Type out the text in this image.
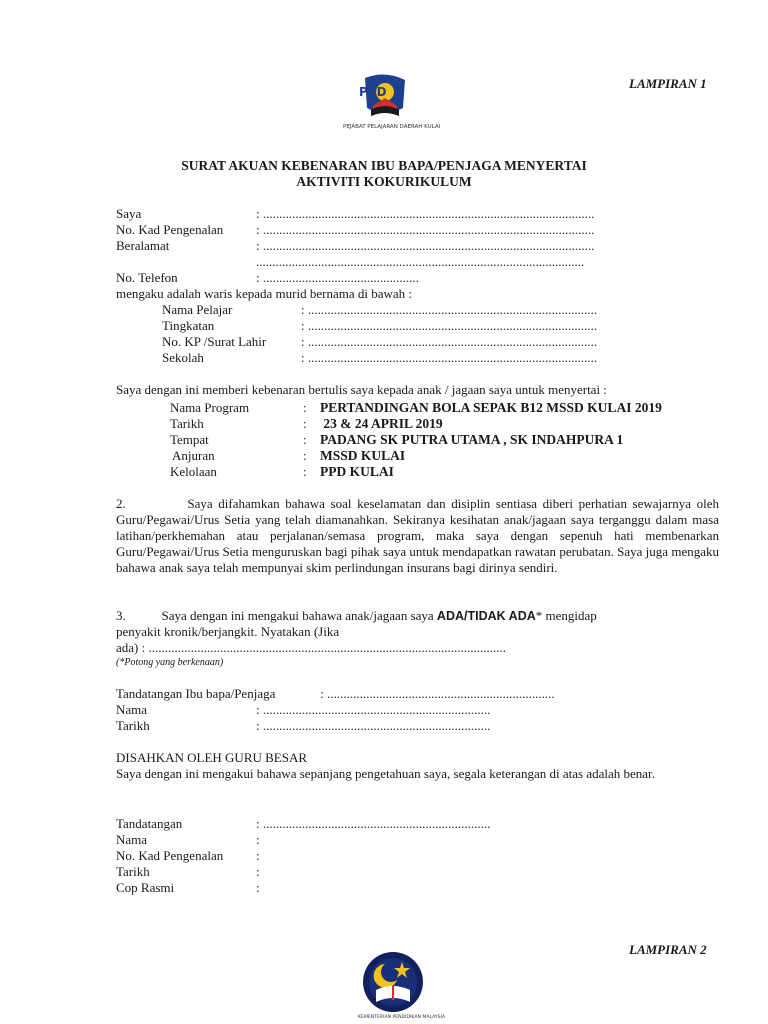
PPD
PEJABAT PELAJARAN DAERAH KULAI
LAMPIRAN 1
SURAT AKUAN KEBENARAN IBU BAPA/PENJAGA MENYERTAI
AKTIVITI KOKURIKULUM
Saya	: ......................................................................................................
No. Kad Pengenalan	: ......................................................................................................
Beralamat	: ......................................................................................................
.....................................................................................................
No. Telefon	: ................................................
mengaku adalah waris kepada murid bernama di bawah :
Nama Pelajar	: .........................................................................................
Tingkatan	: .........................................................................................
No. KP /Surat Lahir	: .........................................................................................
Sekolah	: .........................................................................................
Saya dengan ini memberi kebenaran bertulis saya kepada anak / jagaan saya untuk menyertai :
Nama Program	: PERTANDINGAN BOLA SEPAK B12 MSSD KULAI 2019
Tarikh	: 23 & 24 APRIL 2019
Tempat	: PADANG SK PUTRA UTAMA , SK INDAHPURA 1
Anjuran	: MSSD KULAI
Kelolaan	: PPD KULAI
2.           Saya difahamkan bahawa soal keselamatan dan disiplin sentiasa diberi perhatian sewajarnya oleh Guru/Pegawai/Urus Setia yang telah diamanahkan. Sekiranya kesihatan anak/jagaan saya terganggu dalam masa latihan/perkhemahan atau perjalanan/semasa program, maka saya dengan sepenuh hati membenarkan Guru/Pegawai/Urus Setia menguruskan bagi pihak saya untuk mendapatkan rawatan perubatan. Saya juga mengaku bahawa anak saya telah mempunyai skim perlindungan insurans bagi dirinya sendiri.
3.           Saya dengan ini mengakui bahawa anak/jagaan saya ADA/TIDAK ADA* mengidap
penyakit kronik/berjangkit. Nyatakan (Jika
ada) : ..............................................................................................................
(*Potong yang berkenaan)
Tandatangan Ibu bapa/Penjaga	: ......................................................................
Nama	: ......................................................................
Tarikh	: ......................................................................
DISAHKAN OLEH GURU BESAR
Saya dengan ini mengakui bahawa sepanjang pengetahuan saya, segala keterangan di atas adalah benar.
Tandatangan	: ......................................................................
Nama	:
No. Kad Pengenalan	:
Tarikh	:
Cop Rasmi	:
LAMPIRAN 2
KEMENTERIAN PENDIDIKAN MALAYSIA
